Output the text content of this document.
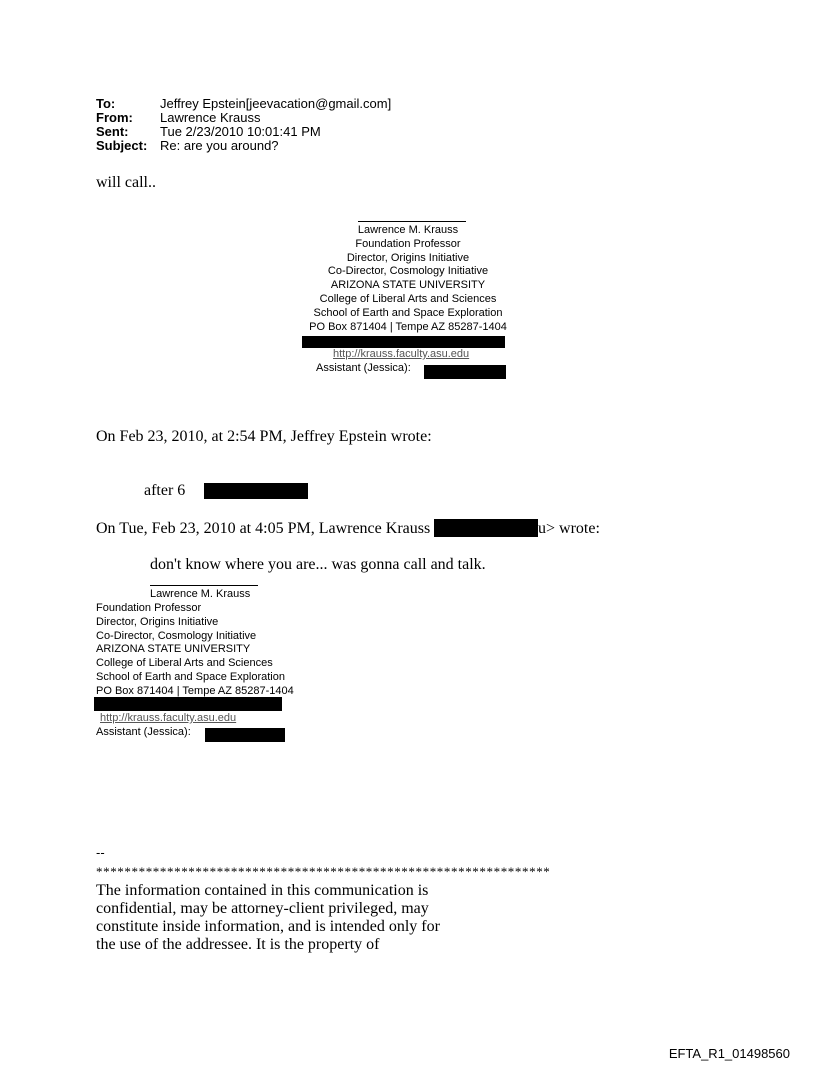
To:	Jeffrey Epstein[jeevacation@gmail.com]
From: Lawrence Krauss
Sent: Tue 2/23/2010 10:01:41 PM
Subject: Re: are you around?
will call..
Lawrence M. Krauss
Foundation Professor
Director, Origins Initiative
Co-Director, Cosmology Initiative
ARIZONA STATE UNIVERSITY
College of Liberal Arts and Sciences
School of Earth and Space Exploration
PO Box 871404 | Tempe AZ 85287-1404
http://krauss.faculty.asu.edu
Assistant (Jessica):
On Feb 23, 2010, at 2:54 PM, Jeffrey Epstein wrote:
after 6
On Tue, Feb 23, 2010 at 4:05 PM, Lawrence Krauss	u> wrote:
don't know where you are... was gonna call and talk.
Lawrence M. Krauss
Foundation Professor
Director, Origins Initiative
Co-Director, Cosmology Initiative
ARIZONA STATE UNIVERSITY
College of Liberal Arts and Sciences
School of Earth and Space Exploration
PO Box 871404 | Tempe AZ 85287-1404
http://krauss.faculty.asu.edu
Assistant (Jessica):
--
****************************************************************
The information contained in this communication is
confidential, may be attorney-client privileged, may
constitute inside information, and is intended only for
the use of the addressee. It is the property of
EFTA_R1_01498560
